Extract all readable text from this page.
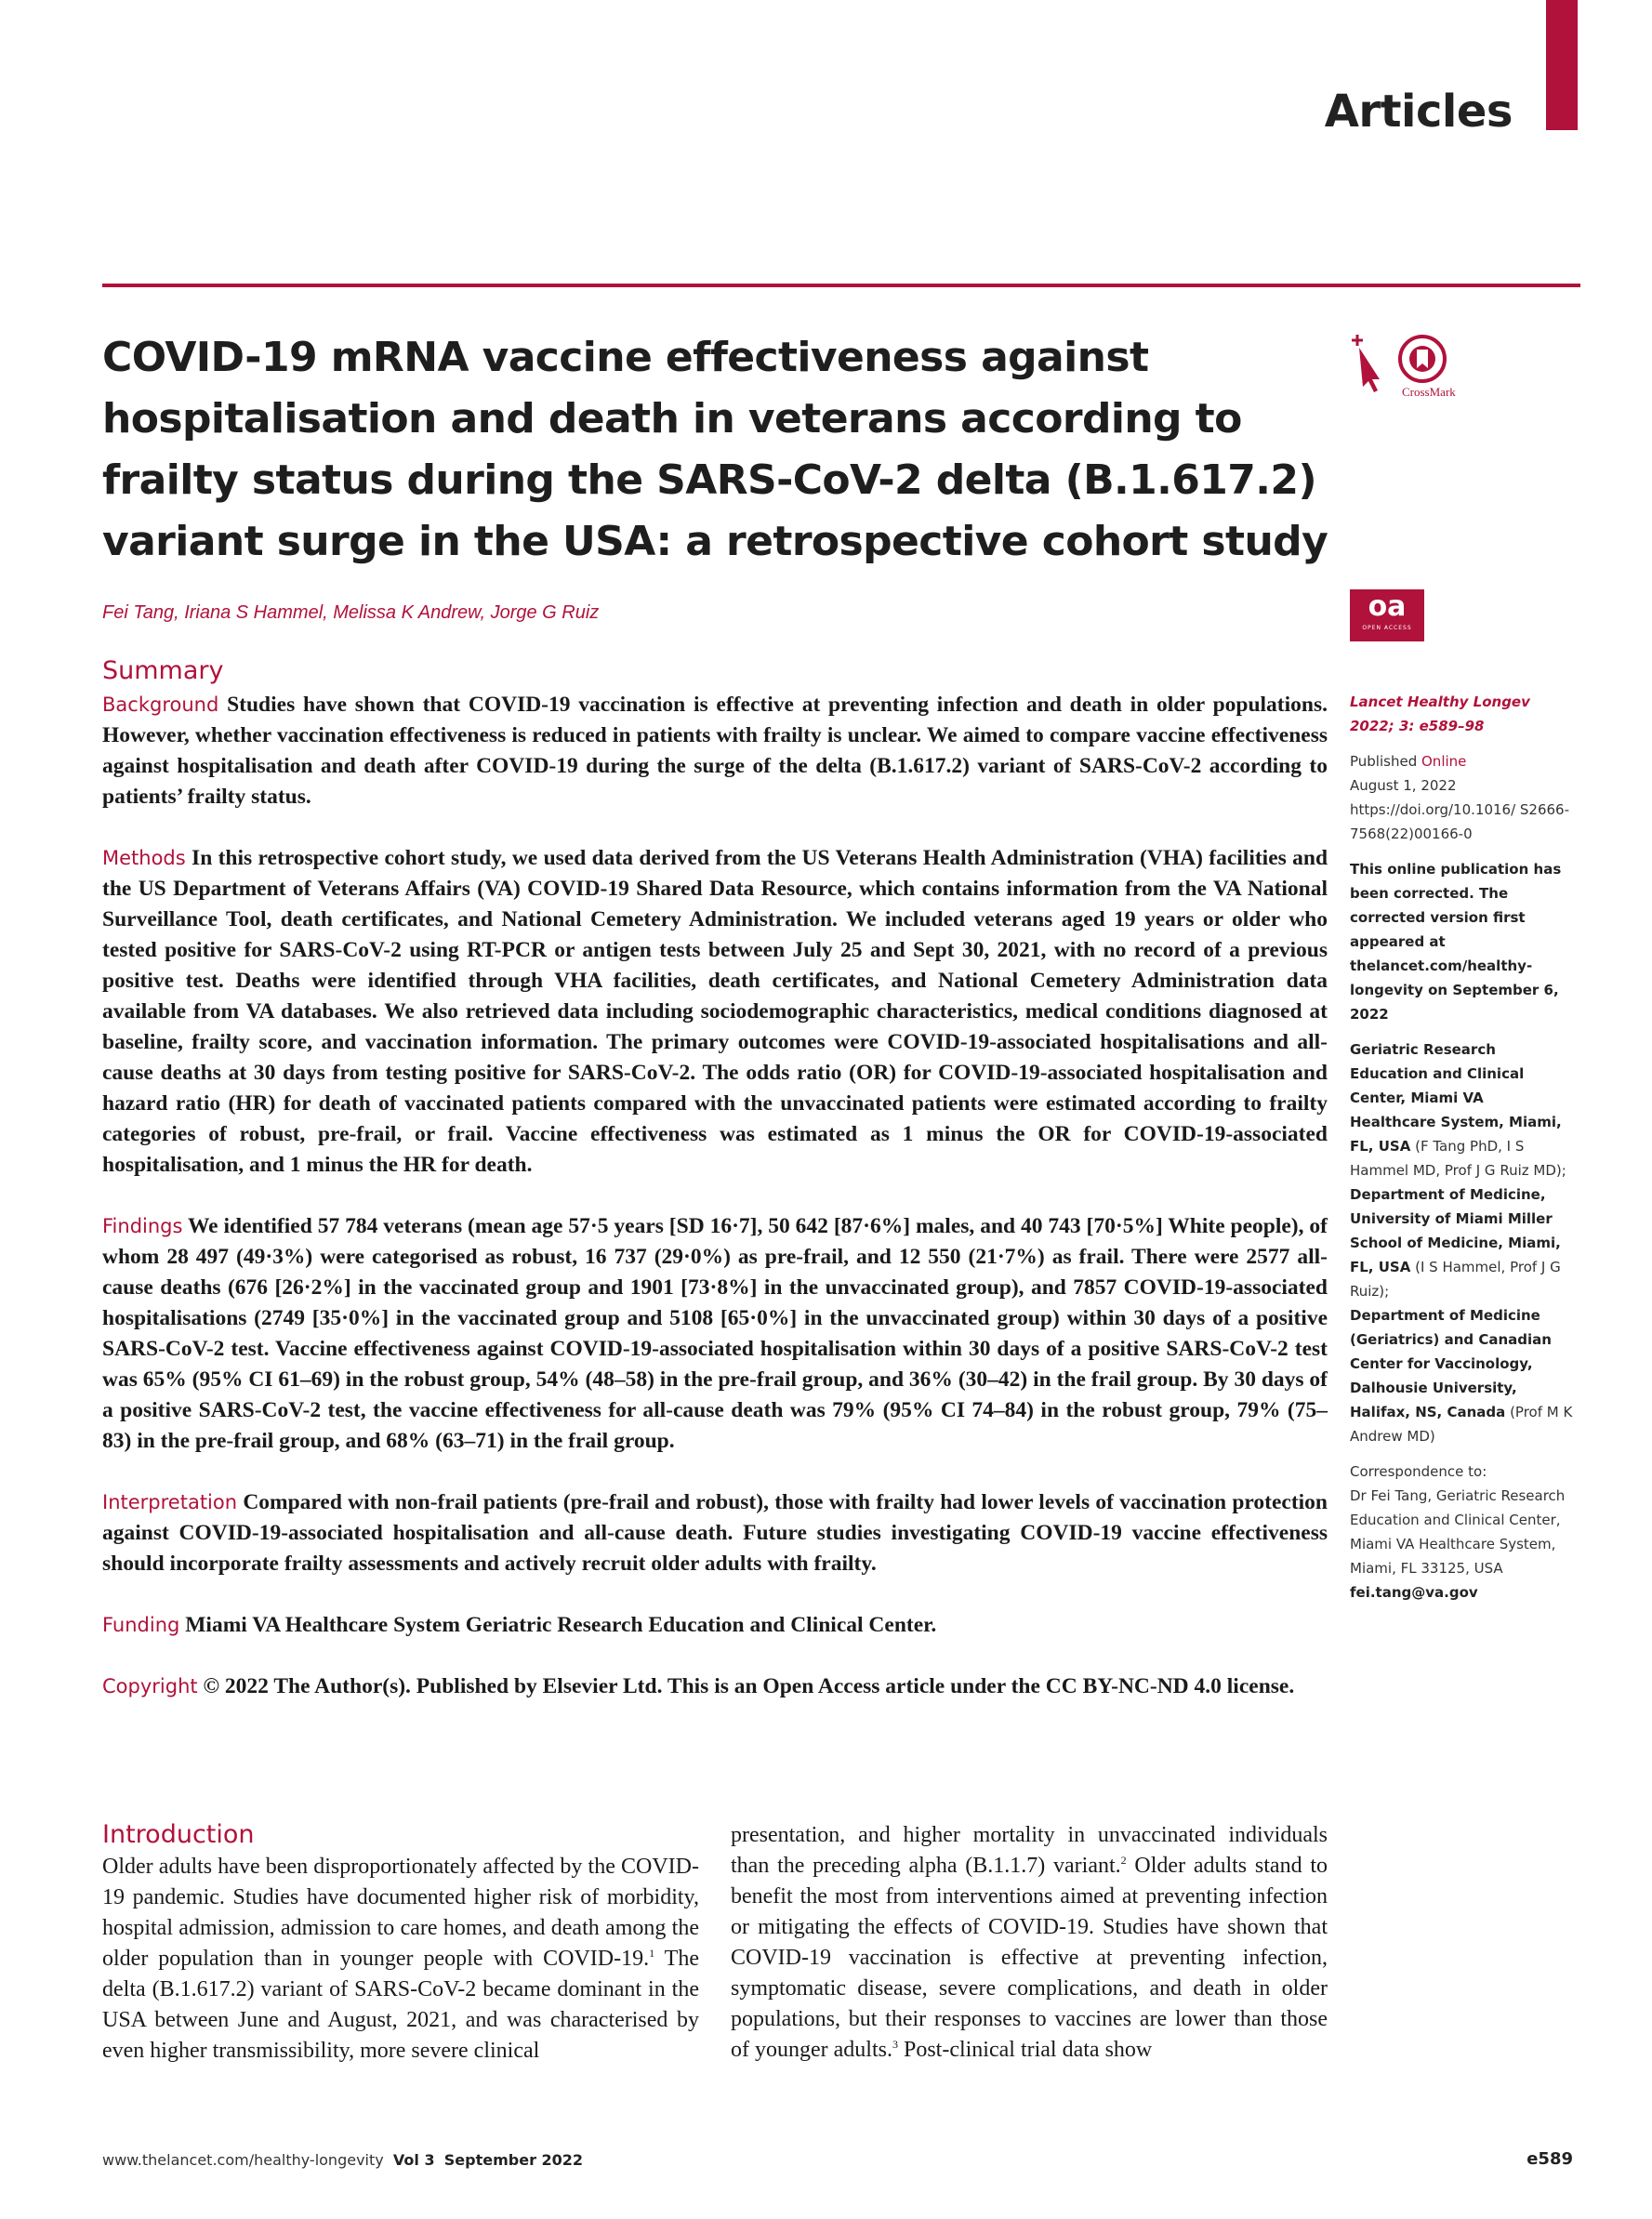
Articles
COVID-19 mRNA vaccine effectiveness against hospitalisation and death in veterans according to frailty status during the SARS-CoV-2 delta (B.1.617.2) variant surge in the USA: a retrospective cohort study
Fei Tang, Iriana S Hammel, Melissa K Andrew, Jorge G Ruiz
CrossMark
oa
OPEN ACCESS
Summary

Background Studies have shown that COVID-19 vaccination is effective at preventing infection and death in older populations. However, whether vaccination effectiveness is reduced in patients with frailty is unclear. We aimed to compare vaccine effectiveness against hospitalisation and death after COVID-19 during the surge of the delta (B.1.617.2) variant of SARS-CoV-2 according to patients’ frailty status.

Methods In this retrospective cohort study, we used data derived from the US Veterans Health Administration (VHA) facilities and the US Department of Veterans Affairs (VA) COVID-19 Shared Data Resource, which contains information from the VA National Surveillance Tool, death certificates, and National Cemetery Administration. We included veterans aged 19 years or older who tested positive for SARS-CoV-2 using RT-PCR or antigen tests between July 25 and Sept 30, 2021, with no record of a previous positive test. Deaths were identified through VHA facilities, death certificates, and National Cemetery Administration data available from VA databases. We also retrieved data including sociodemographic characteristics, medical conditions diagnosed at baseline, frailty score, and vaccination information. The primary outcomes were COVID-19-associated hospitalisations and all-cause deaths at 30 days from testing positive for SARS-CoV-2. The odds ratio (OR) for COVID-19-associated hospitalisation and hazard ratio (HR) for death of vaccinated patients compared with the unvaccinated patients were estimated according to frailty categories of robust, pre-frail, or frail. Vaccine effectiveness was estimated as 1 minus the OR for COVID-19-associated hospitalisation, and 1 minus the HR for death.

Findings We identified 57 784 veterans (mean age 57·5 years [SD 16·7], 50 642 [87·6%] males, and 40 743 [70·5%] White people), of whom 28 497 (49·3%) were categorised as robust, 16 737 (29·0%) as pre-frail, and 12 550 (21·7%) as frail. There were 2577 all-cause deaths (676 [26·2%] in the vaccinated group and 1901 [73·8%] in the unvaccinated group), and 7857 COVID-19-associated hospitalisations (2749 [35·0%] in the vaccinated group and 5108 [65·0%] in the unvaccinated group) within 30 days of a positive SARS-CoV-2 test. Vaccine effectiveness against COVID-19-associated hospitalisation within 30 days of a positive SARS-CoV-2 test was 65% (95% CI 61–69) in the robust group, 54% (48–58) in the pre-frail group, and 36% (30–42) in the frail group. By 30 days of a positive SARS-CoV-2 test, the vaccine effectiveness for all-cause death was 79% (95% CI 74–84) in the robust group, 79% (75–83) in the pre-frail group, and 68% (63–71) in the frail group.

Interpretation Compared with non-frail patients (pre-frail and robust), those with frailty had lower levels of vaccination protection against COVID-19-associated hospitalisation and all-cause death. Future studies investigating COVID-19 vaccine effectiveness should incorporate frailty assessments and actively recruit older adults with frailty.

Funding Miami VA Healthcare System Geriatric Research Education and Clinical Center.

Copyright © 2022 The Author(s). Published by Elsevier Ltd. This is an Open Access article under the CC BY-NC-ND 4.0 license.

Introduction
Older adults have been disproportionately affected by the COVID-19 pandemic. Studies have documented higher risk of morbidity, hospital admission, admission to care homes, and death among the older population than in younger people with COVID-19.$^1$ The delta (B.1.617.2) variant of SARS-CoV-2 became dominant in the USA between June and August, 2021, and was characterised by even higher transmissibility, more severe clinical
presentation, and higher mortality in unvaccinated individuals than the preceding alpha (B.1.1.7) variant.$^2$ Older adults stand to benefit the most from interventions aimed at preventing infection or mitigating the effects of COVID-19. Studies have shown that COVID-19 vaccination is effective at preventing infection, symptomatic disease, severe complications, and death in older populations, but their responses to vaccines are lower than those of younger adults.$^3$ Post-clinical trial data show
Lancet Healthy Longev 2022; 3: e589–98
Published Online
August 1, 2022
https://doi.org/10.1016/ S2666-7568(22)00166-0
This online publication has been corrected. The corrected version first appeared at thelancet.com/healthy-longevity on September 6, 2022
Geriatric Research Education and Clinical Center, Miami VA Healthcare System, Miami, FL, USA (F Tang PhD, I S Hammel MD, Prof J G Ruiz MD);
Department of Medicine, University of Miami Miller School of Medicine, Miami, FL, USA (I S Hammel, Prof J G Ruiz);
Department of Medicine (Geriatrics) and Canadian Center for Vaccinology, Dalhousie University, Halifax, NS, Canada (Prof M K Andrew MD)
Correspondence to:
Dr Fei Tang, Geriatric Research Education and Clinical Center, Miami VA Healthcare System, Miami, FL 33125, USA
fei.tang@va.gov
www.thelancet.com/healthy-longevity Vol 3 September 2022	e589
